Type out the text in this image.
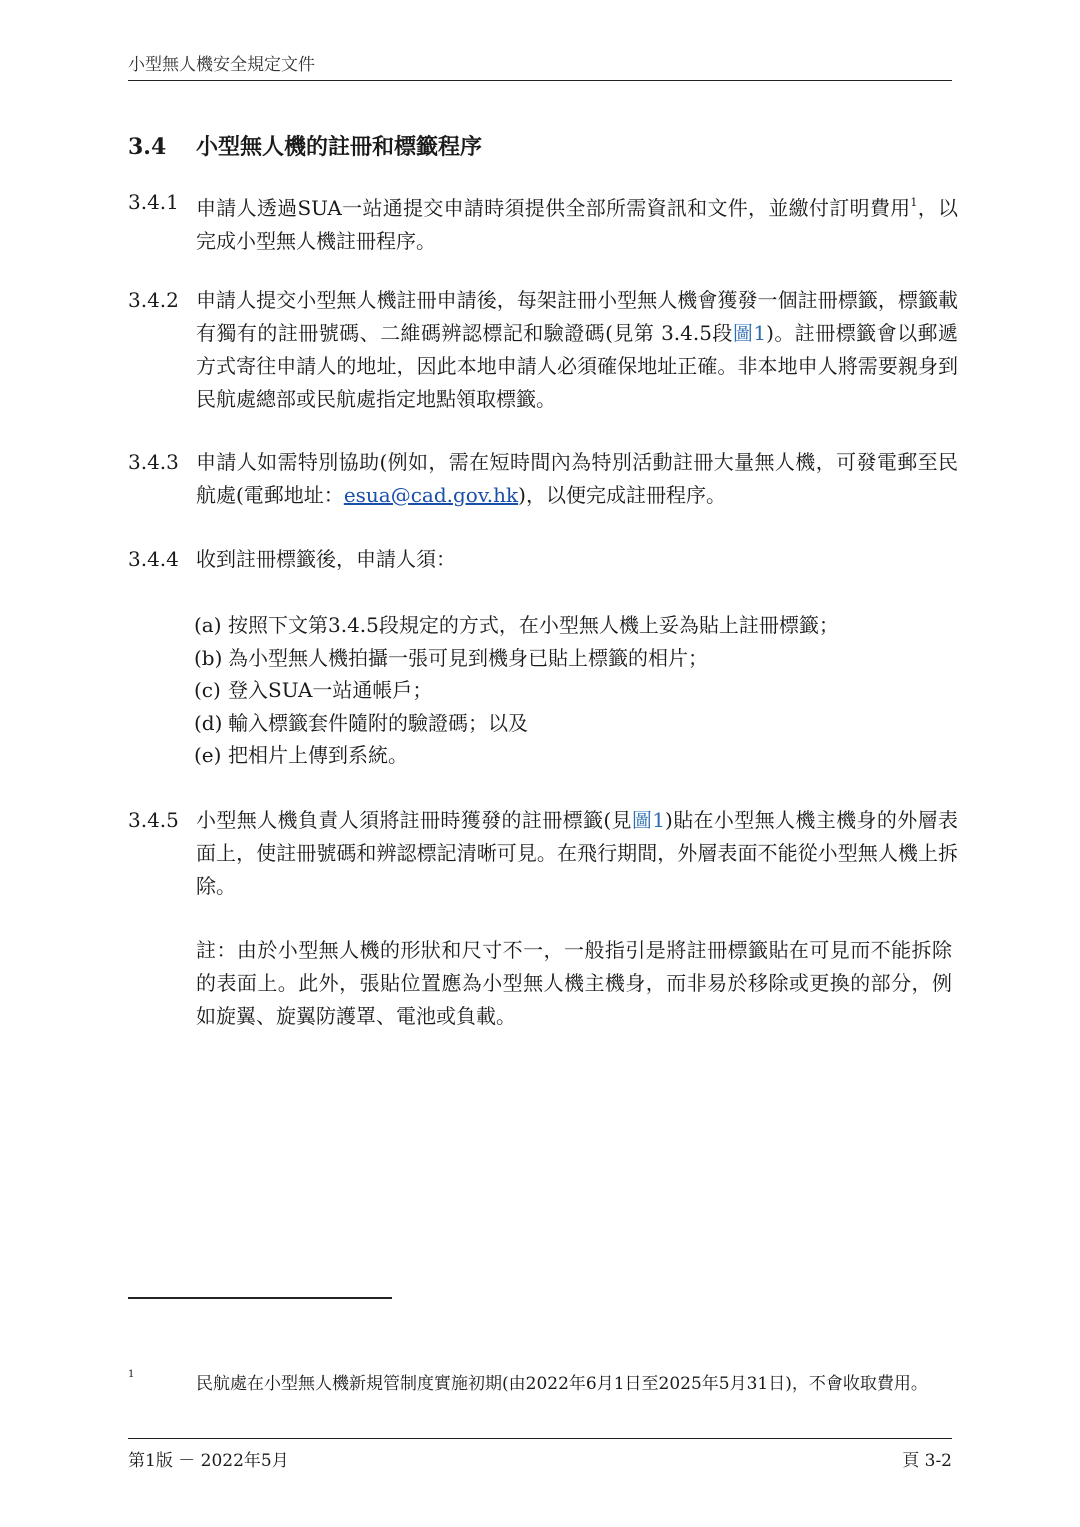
小型無人機安全規定文件
3.4 小型無人機的註冊和標籤程序
3.4.1 申請人透過SUA一站通提交申請時須提供全部所需資訊和文件，並繳付訂明費用$^1$，以完成小型無人機註冊程序。
3.4.2 申請人提交小型無人機註冊申請後，每架註冊小型無人機會獲發一個註冊標籤，標籤載有獨有的註冊號碼、二維碼辨認標記和驗證碼(見第 3.4.5段圖1)。註冊標籤會以郵遞方式寄往申請人的地址，因此本地申請人必須確保地址正確。非本地申人將需要親身到民航處總部或民航處指定地點領取標籤。
3.4.3 申請人如需特別協助(例如，需在短時間內為特別活動註冊大量無人機，可發電郵至民航處(電郵地址：esua@cad.gov.hk)，以便完成註冊程序。
3.4.4 收到註冊標籤後，申請人須：
(a) 按照下文第3.4.5段規定的方式，在小型無人機上妥為貼上註冊標籤；
(b) 為小型無人機拍攝一張可見到機身已貼上標籤的相片；
(c) 登入SUA一站通帳戶；
(d) 輸入標籤套件隨附的驗證碼；以及
(e) 把相片上傳到系統。
3.4.5 小型無人機負責人須將註冊時獲發的註冊標籤(見圖1)貼在小型無人機主機身的外層表面上，使註冊號碼和辨認標記清晰可見。在飛行期間，外層表面不能從小型無人機上拆除。
註：由於小型無人機的形狀和尺寸不一，一般指引是將註冊標籤貼在可見而不能拆除的表面上。此外，張貼位置應為小型無人機主機身，而非易於移除或更換的部分，例如旋翼、旋翼防護罩、電池或負載。
1	民航處在小型無人機新規管制度實施初期(由2022年6月1日至2025年5月31日)，不會收取費用。
第1版 － 2022年5月	頁 3-2
